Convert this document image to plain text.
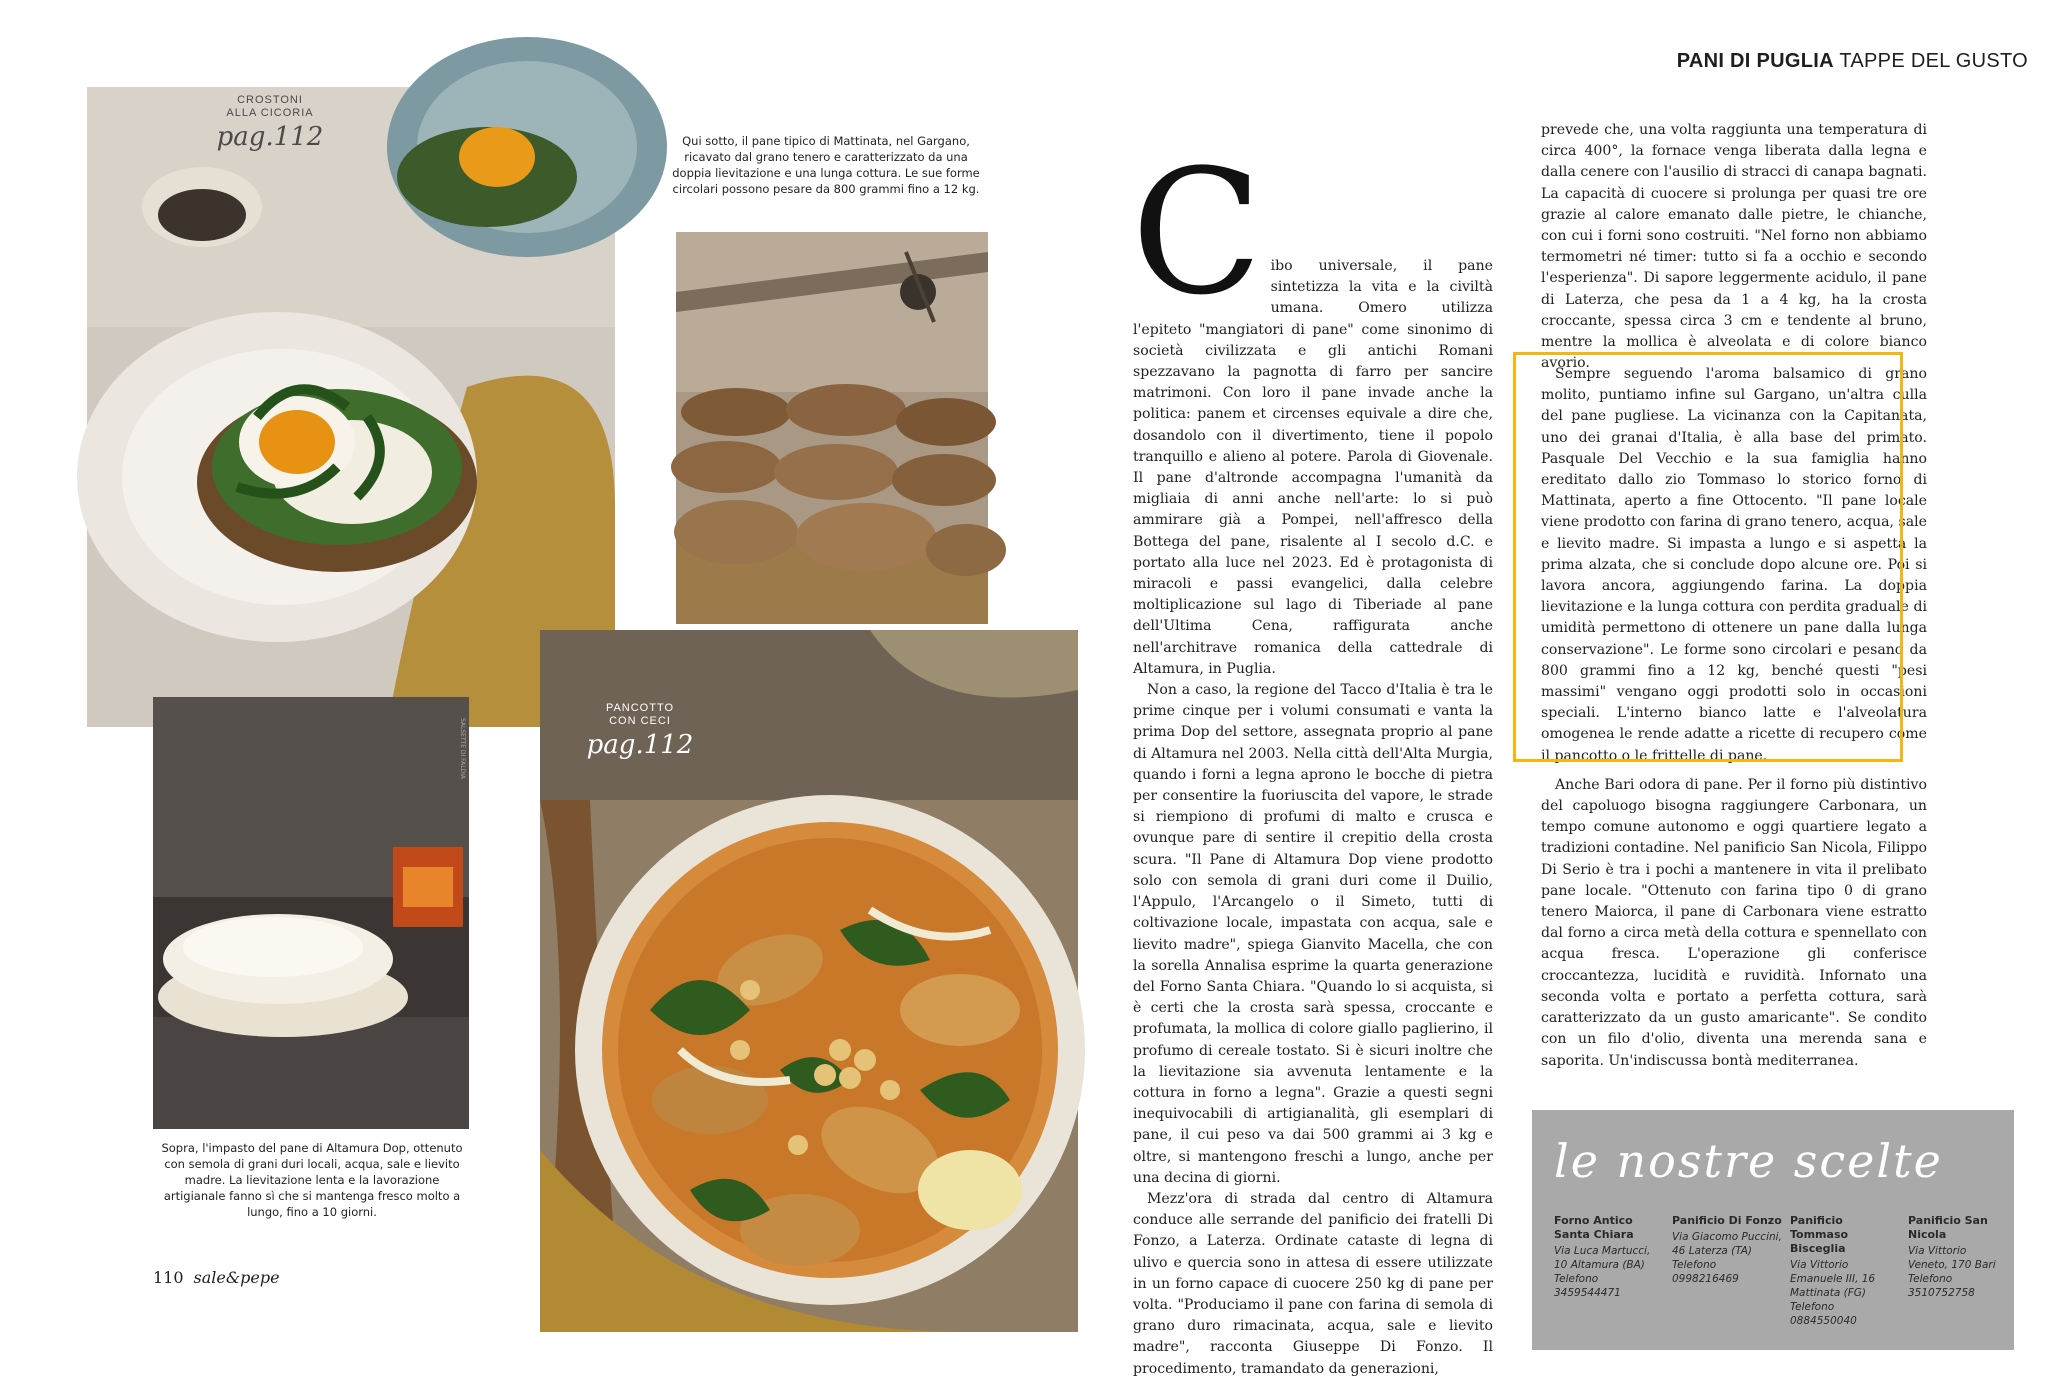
PANI DI PUGLIA TAPPE DEL GUSTO
CROSTONI
ALLA CICORIA
pag.112	Qui sotto, il pane tipico di Mattinata, nel Gargano, ricavato dal grano tenero e caratterizzato da una doppia lievitazione e una lunga cottura. Le sue forme circolari possono pesare da 800 grammi fino a 12 kg.
SALSETTE DI FALDIA
PANCOTTO
CON CECI
pag.112
Sopra, l'impasto del pane di Altamura Dop, ottenuto con semola di grani duri locali, acqua, sale e lievito madre. La lievitazione lenta e la lavorazione artigianale fanno sì che si mantenga fresco molto a lungo, fino a 10 giorni.
110 sale&pepe
C ibo universale, il pane sintetizza la vita e la civiltà umana. Omero utilizza l'epiteto "mangiatori di pane" come sinonimo di società civilizzata e gli antichi Romani spezzavano la pagnotta di farro per sancire matrimoni. Con loro il pane invade anche la politica: panem et circenses equivale a dire che, dosandolo con il divertimento, tiene il popolo tranquillo e alieno al potere. Parola di Giovenale. Il pane d'altronde accompagna l'umanità da migliaia di anni anche nell'arte: lo si può ammirare già a Pompei, nell'affresco della Bottega del pane, risalente al I secolo d.C. e portato alla luce nel 2023. Ed è protagonista di miracoli e passi evangelici, dalla celebre moltiplicazione sul lago di Tiberiade al pane dell'Ultima Cena, raffigurata anche nell'architrave romanica della cattedrale di Altamura, in Puglia.

Non a caso, la regione del Tacco d'Italia è tra le prime cinque per i volumi consumati e vanta la prima Dop del settore, assegnata proprio al pane di Altamura nel 2003. Nella città dell'Alta Murgia, quando i forni a legna aprono le bocche di pietra per consentire la fuoriuscita del vapore, le strade si riempiono di profumi di malto e crusca e ovunque pare di sentire il crepitio della crosta scura. "Il Pane di Altamura Dop viene prodotto solo con semola di grani duri come il Duilio, l'Appulo, l'Arcangelo o il Simeto, tutti di coltivazione locale, impastata con acqua, sale e lievito madre", spiega Gianvito Macella, che con la sorella Annalisa esprime la quarta generazione del Forno Santa Chiara. "Quando lo si acquista, si è certi che la crosta sarà spessa, croccante e profumata, la mollica di colore giallo paglierino, il profumo di cereale tostato. Si è sicuri inoltre che la lievitazione sia avvenuta lentamente e la cottura in forno a legna". Grazie a questi segni inequivocabili di artigianalità, gli esemplari di pane, il cui peso va dai 500 grammi ai 3 kg e oltre, si mantengono freschi a lungo, anche per una decina di giorni.

Mezz'ora di strada dal centro di Altamura conduce alle serrande del panificio dei fratelli Di Fonzo, a Laterza. Ordinate cataste di legna di ulivo e quercia sono in attesa di essere utilizzate in un forno capace di cuocere 250 kg di pane per volta. "Produciamo il pane con farina di semola di grano duro rimacinata, acqua, sale e lievito madre", racconta Giuseppe Di Fonzo. Il procedimento, tramandato da generazioni,

prevede che, una volta raggiunta una temperatura di circa 400°, la fornace venga liberata dalla legna e dalla cenere con l'ausilio di stracci di canapa bagnati. La capacità di cuocere si prolunga per quasi tre ore grazie al calore emanato dalle pietre, le chianche, con cui i forni sono costruiti. "Nel forno non abbiamo termometri né timer: tutto si fa a occhio e secondo l'esperienza". Di sapore leggermente acidulo, il pane di Laterza, che pesa da 1 a 4 kg, ha la crosta croccante, spessa circa 3 cm e tendente al bruno, mentre la mollica è alveolata e di colore bianco avorio.

Sempre seguendo l'aroma balsamico di grano molito, puntiamo infine sul Gargano, un'altra culla del pane pugliese. La vicinanza con la Capitanata, uno dei granai d'Italia, è alla base del primato. Pasquale Del Vecchio e la sua famiglia hanno ereditato dallo zio Tommaso lo storico forno di Mattinata, aperto a fine Ottocento. "Il pane locale viene prodotto con farina di grano tenero, acqua, sale e lievito madre. Si impasta a lungo e si aspetta la prima alzata, che si conclude dopo alcune ore. Poi si lavora ancora, aggiungendo farina. La doppia lievitazione e la lunga cottura con perdita graduale di umidità permettono di ottenere un pane dalla lunga conservazione". Le forme sono circolari e pesano da 800 grammi fino a 12 kg, benché questi "pesi massimi" vengano oggi prodotti solo in occasioni speciali. L'interno bianco latte e l'alveolatura omogenea le rende adatte a ricette di recupero come il pancotto o le frittelle di pane.

Anche Bari odora di pane. Per il forno più distintivo del capoluogo bisogna raggiungere Carbonara, un tempo comune autonomo e oggi quartiere legato a tradizioni contadine. Nel panificio San Nicola, Filippo Di Serio è tra i pochi a mantenere in vita il prelibato pane locale. "Ottenuto con farina tipo 0 di grano tenero Maiorca, il pane di Carbonara viene estratto dal forno a circa metà della cottura e spennellato con acqua fresca. L'operazione gli conferisce croccantezza, lucidità e ruvidità. Infornato una seconda volta e portato a perfetta cottura, sarà caratterizzato da un gusto amaricante". Se condito con un filo d'olio, diventa una merenda sana e saporita. Un'indiscussa bontà mediterranea.

le nostre scelte
Forno Antico Santa Chiara
Via Luca Martucci, 10 Altamura (BA) Telefono 3459544471
Panificio Di Fonzo
Via Giacomo Puccini, 46 Laterza (TA) Telefono 0998216469
Panificio Tommaso Bisceglia
Via Vittorio Emanuele III, 16 Mattinata (FG) Telefono 0884550040
Panificio San Nicola
Via Vittorio Veneto, 170 Bari Telefono 3510752758
